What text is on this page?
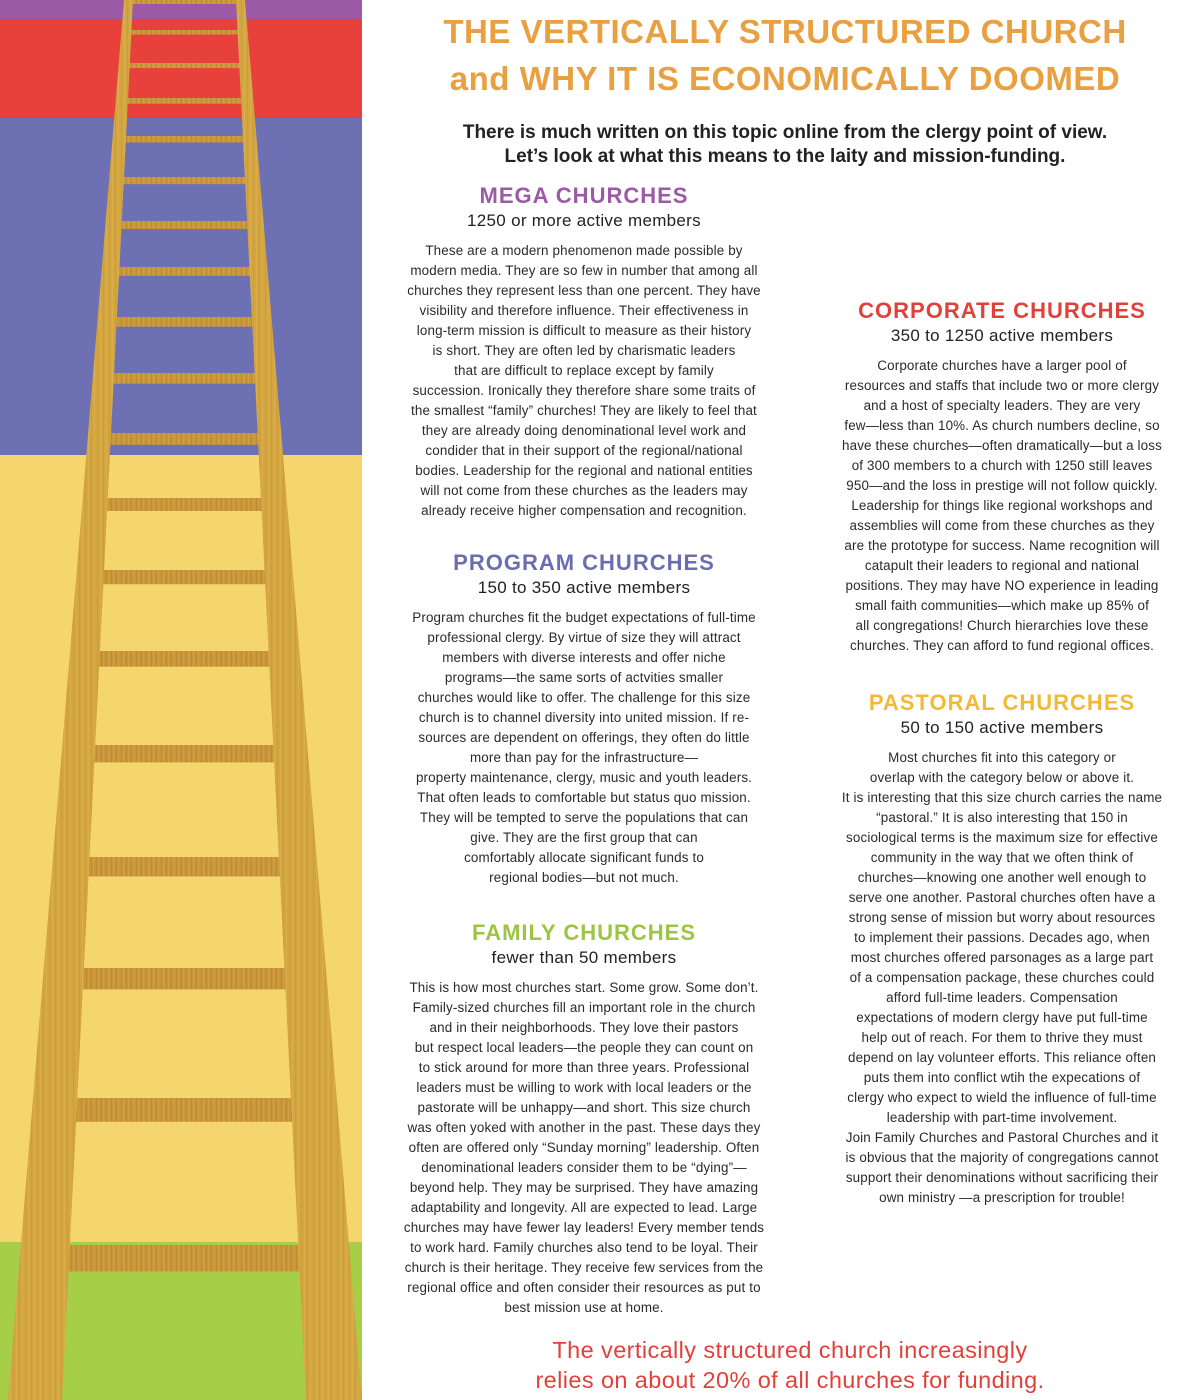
THE VERTICALLY STRUCTURED CHURCH
and WHY IT IS ECONOMICALLY DOOMED
There is much written on this topic online from the clergy point of view.
Let’s look at what this means to the laity and mission-funding.
MEGA CHURCHES
1250 or more active members
These are a modern phenomenon made possible by
modern media. They are so few in number that among all
churches they represent less than one percent. They have
visibility and therefore influence. Their effectiveness in
long-term mission is difficult to measure as their history
is short. They are often led by charismatic leaders
that are difficult to replace except by family
succession. Ironically they therefore share some traits of
the smallest “family” churches! They are likely to feel that
they are already doing denominational level work and
condider that in their support of the regional/national
bodies. Leadership for the regional and national entities
will not come from these churches as the leaders may
already receive higher compensation and recognition.
PROGRAM CHURCHES
150 to 350 active members
Program churches fit the budget expectations of full-time
professional clergy. By virtue of size they will attract
members with diverse interests and offer niche
programs—the same sorts of actvities smaller
churches would like to offer. The challenge for this size
church is to channel diversity into united mission. If re-
sources are dependent on offerings, they often do little
more than pay for the infrastructure—
property maintenance, clergy, music and youth leaders.
That often leads to comfortable but status quo mission.
They will be tempted to serve the populations that can
give. They are the first group that can
comfortably allocate significant funds to
regional bodies—but not much.
FAMILY CHURCHES
fewer than 50 members
This is how most churches start. Some grow. Some don’t.
Family-sized churches fill an important role in the church
and in their neighborhoods. They love their pastors
but respect local leaders—the people they can count on
to stick around for more than three years. Professional
leaders must be willing to work with local leaders or the
pastorate will be unhappy—and short. This size church
was often yoked with another in the past. These days they
often are offered only “Sunday morning” leadership. Often
denominational leaders consider them to be “dying”—
beyond help. They may be surprised. They have amazing
adaptability and longevity. All are expected to lead. Large
churches may have fewer lay leaders! Every member tends
to work hard. Family churches also tend to be loyal. Their
church is their heritage. They receive few services from the
regional office and often consider their resources as put to
best mission use at home.
CORPORATE CHURCHES
350 to 1250 active members
Corporate churches have a larger pool of
resources and staffs that include two or more clergy
and a host of specialty leaders. They are very
few—less than 10%. As church numbers decline, so
have these churches—often dramatically—but a loss
of 300 members to a church with 1250 still leaves
950—and the loss in prestige will not follow quickly.
Leadership for things like regional workshops and
assemblies will come from these churches as they
are the prototype for success. Name recognition will
catapult their leaders to regional and national
positions. They may have NO experience in leading
small faith communities—which make up 85% of
all congregations! Church hierarchies love these
churches. They can afford to fund regional offices.
PASTORAL CHURCHES
50 to 150 active members
Most churches fit into this category or
overlap with the category below or above it.
It is interesting that this size church carries the name
“pastoral.” It is also interesting that 150 in
sociological terms is the maximum size for effective
community in the way that we often think of
churches—knowing one another well enough to
serve one another. Pastoral churches often have a
strong sense of mission but worry about resources
to implement their passions. Decades ago, when
most churches offered parsonages as a large part
of a compensation package, these churches could
afford full-time leaders. Compensation
expectations of modern clergy have put full-time
help out of reach. For them to thrive they must
depend on lay volunteer efforts. This reliance often
puts them into conflict wtih the expecations of
clergy who expect to wield the influence of full-time
leadership with part-time involvement.
Join Family Churches and Pastoral Churches and it
is obvious that the majority of congregations cannot
support their denominations without sacrificing their
own ministry —a prescription for trouble!
The vertically structured church increasingly
relies on about 20% of all churches for funding.
